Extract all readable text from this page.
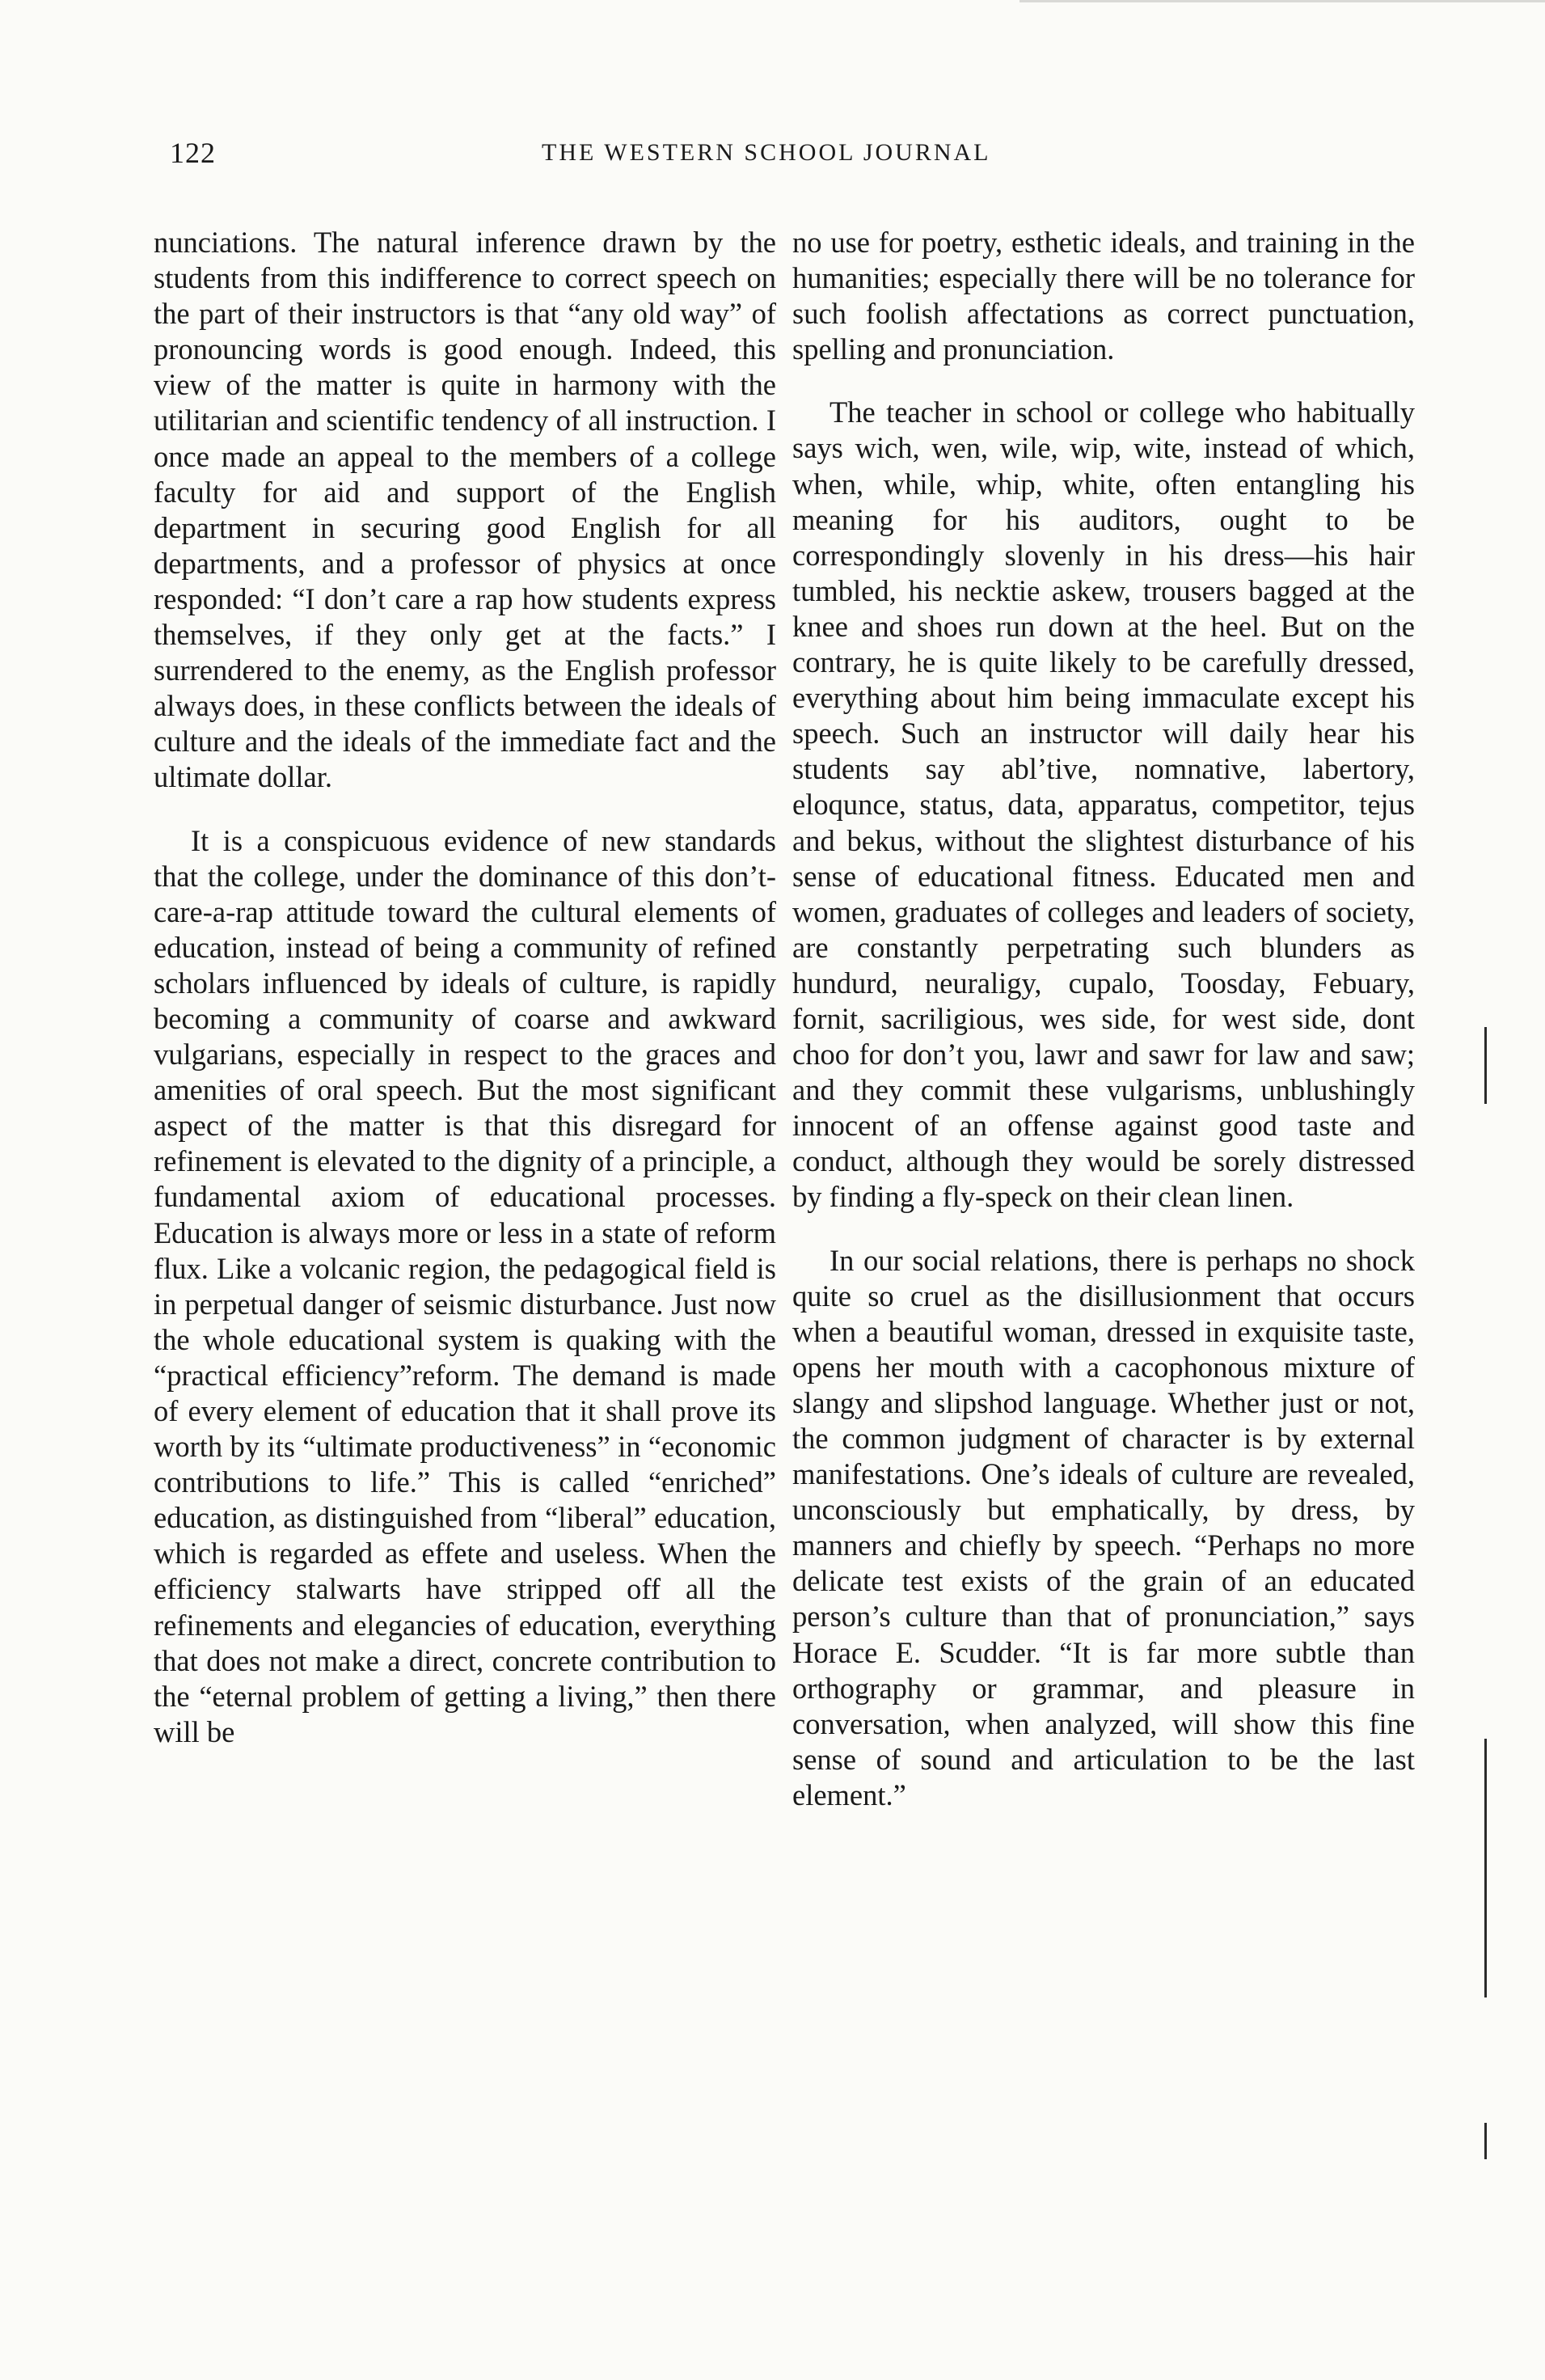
122	THE WESTERN SCHOOL JOURNAL

nunciations. The natural inference drawn by the students from this indifference to correct speech on the part of their instructors is that “any old way” of pronouncing words is good enough. Indeed, this view of the matter is quite in harmony with the utilitarian and scientific tendency of all instruction. I once made an appeal to the members of a college faculty for aid and support of the English department in securing good English for all departments, and a professor of physics at once responded: “I don’t care a rap how students express themselves, if they only get at the facts.” I surrendered to the enemy, as the English professor always does, in these conflicts between the ideals of culture and the ideals of the immediate fact and the ultimate dollar.

It is a conspicuous evidence of new standards that the college, under the dominance of this don’t-care-a-rap attitude toward the cultural elements of education, instead of being a community of refined scholars influenced by ideals of culture, is rapidly becoming a community of coarse and awkward vulgarians, especially in respect to the graces and amenities of oral speech. But the most significant aspect of the matter is that this disregard for refinement is elevated to the dignity of a principle, a fundamental axiom of educational processes. Education is always more or less in a state of reform flux. Like a volcanic region, the pedagogical field is in perpetual danger of seismic disturbance. Just now the whole educational system is quaking with the “practical efficiency”reform. The demand is made of every element of education that it shall prove its worth by its “ultimate productiveness” in “economic contributions to life.” This is called “enriched” education, as distinguished from “liberal” education, which is regarded as effete and useless. When the efficiency stalwarts have stripped off all the refinements and elegancies of education, everything that does not make a direct, concrete contribution to the “eternal problem of getting a living,” then there will be

no use for poetry, esthetic ideals, and training in the humanities; especially there will be no tolerance for such foolish affectations as correct punctuation, spelling and pronunciation.

The teacher in school or college who habitually says wich, wen, wile, wip, wite, instead of which, when, while, whip, white, often entangling his meaning for his auditors, ought to be correspondingly slovenly in his dress—his hair tumbled, his necktie askew, trousers bagged at the knee and shoes run down at the heel. But on the contrary, he is quite likely to be carefully dressed, everything about him being immaculate except his speech. Such an instructor will daily hear his students say abl’tive, nomnative, labertory, eloqunce, status, data, apparatus, competitor, tejus and bekus, without the slightest disturbance of his sense of educational fitness. Educated men and women, graduates of colleges and leaders of society, are constantly perpetrating such blunders as hundurd, neuraligy, cupalo, Toosday, Febuary, fornit, sacriligious, wes side, for west side, dont choo for don’t you, lawr and sawr for law and saw; and they commit these vulgarisms, unblushingly innocent of an offense against good taste and conduct, although they would be sorely distressed by finding a fly-speck on their clean linen.

In our social relations, there is perhaps no shock quite so cruel as the disillusionment that occurs when a beautiful woman, dressed in exquisite taste, opens her mouth with a cacophonous mixture of slangy and slipshod language. Whether just or not, the common judgment of character is by external manifestations. One’s ideals of culture are revealed, unconsciously but emphatically, by dress, by manners and chiefly by speech. “Perhaps no more delicate test exists of the grain of an educated person’s culture than that of pronunciation,” says Horace E. Scudder. “It is far more subtle than orthography or grammar, and pleasure in conversation, when analyzed, will show this fine sense of sound and articulation to be the last element.”
